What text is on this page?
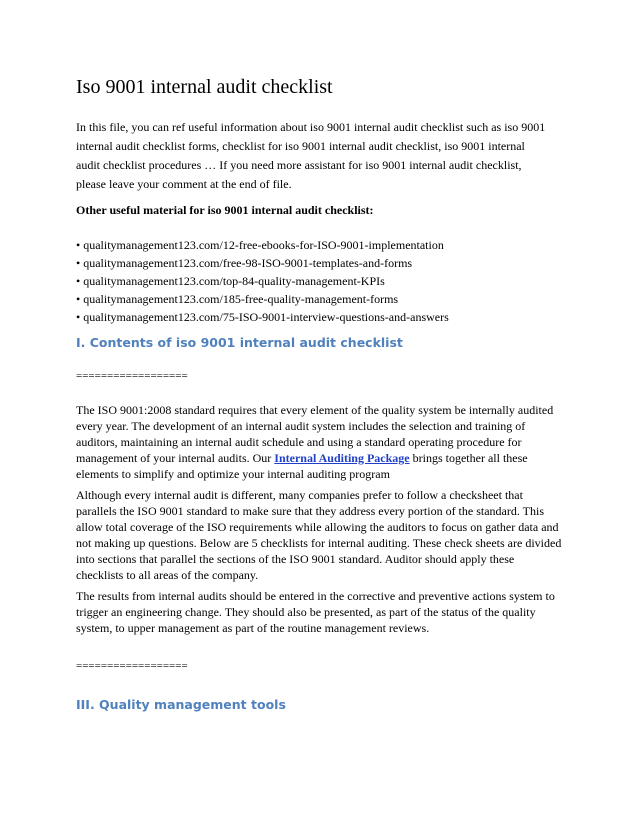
Iso 9001 internal audit checklist

In this file, you can ref useful information about iso 9001 internal audit checklist such as iso 9001 internal audit checklist forms, checklist for iso 9001 internal audit checklist, iso 9001 internal audit checklist procedures … If you need more assistant for iso 9001 internal audit checklist, please leave your comment at the end of file.

Other useful material for iso 9001 internal audit checklist:

• qualitymanagement123.com/12-free-ebooks-for-ISO-9001-implementation
• qualitymanagement123.com/free-98-ISO-9001-templates-and-forms
• qualitymanagement123.com/top-84-quality-management-KPIs
• qualitymanagement123.com/185-free-quality-management-forms
• qualitymanagement123.com/75-ISO-9001-interview-questions-and-answers
I. Contents of iso 9001 internal audit checklist

==================

The ISO 9001:2008 standard requires that every element of the quality system be internally audited every year. The development of an internal audit system includes the selection and training of auditors, maintaining an internal audit schedule and using a standard operating procedure for management of your internal audits. Our Internal Auditing Package brings together all these elements to simplify and optimize your internal auditing program

Although every internal audit is different, many companies prefer to follow a checksheet that parallels the ISO 9001 standard to make sure that they address every portion of the standard. This allow total coverage of the ISO requirements while allowing the auditors to focus on gather data and not making up questions. Below are 5 checklists for internal auditing. These check sheets are divided into sections that parallel the sections of the ISO 9001 standard. Auditor should apply these checklists to all areas of the company.

The results from internal audits should be entered in the corrective and preventive actions system to trigger an engineering change. They should also be presented, as part of the status of the quality system, to upper management as part of the routine management reviews.

==================

III. Quality management tools
